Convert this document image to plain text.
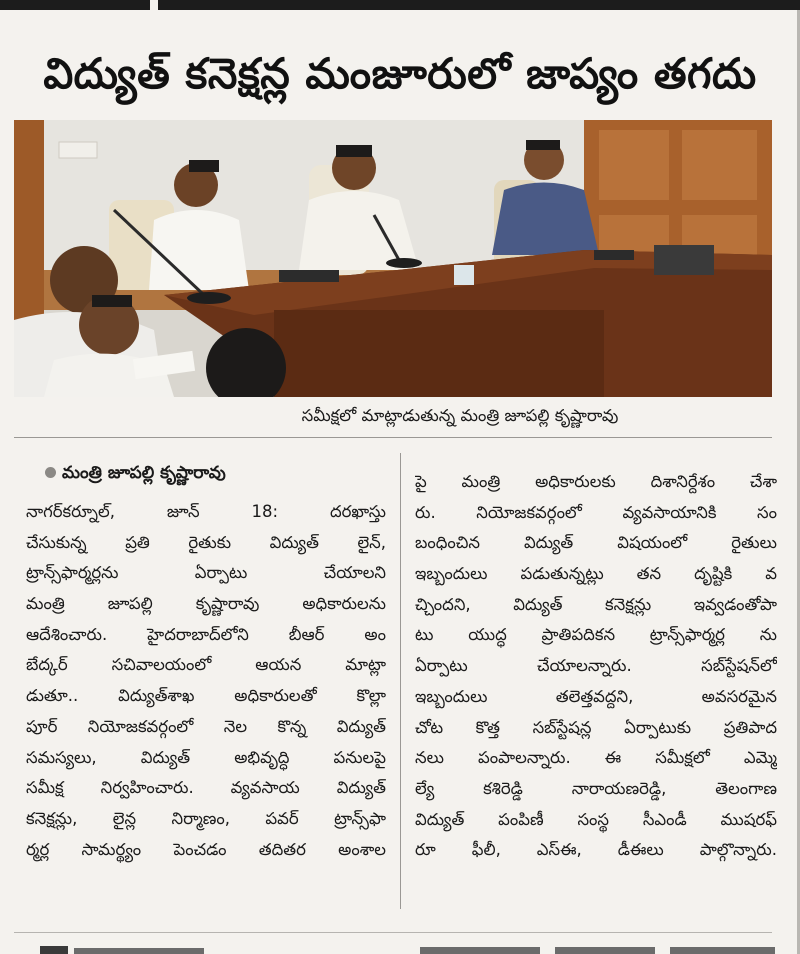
విద్యుత్ కనెక్షన్ల మంజూరులో జాప్యం తగదు
సమీక్షలో మాట్లాడుతున్న మంత్రి జూపల్లి కృష్ణారావు
మంత్రి జూపల్లి కృష్ణారావు
నాగర్‌కర్నూల్, జూన్ 18: దరఖాస్తు
చేసుకున్న ప్రతి రైతుకు విద్యుత్ లైన్,
ట్రాన్స్‌ఫార్మర్లను ఏర్పాటు చేయాలని
మంత్రి జూపల్లి కృష్ణారావు అధికారులను
ఆదేశించారు. హైదరాబాద్‌లోని బీఆర్ అం
బేద్కర్ సచివాలయంలో ఆయన మాట్లా
డుతూ.. విద్యుత్‌శాఖ అధికారులతో కొల్లా
పూర్ నియోజకవర్గంలో నెల కొన్న విద్యుత్
సమస్యలు, విద్యుత్ అభివృద్ధి పనులపై
సమీక్ష నిర్వహించారు. వ్యవసాయ విద్యుత్
కనెక్షన్లు, లైన్ల నిర్మాణం, పవర్ ట్రాన్స్‌ఫా
ర్మర్ల సామర్థ్యం పెంచడం తదితర అంశాల
పై మంత్రి అధికారులకు దిశానిర్దేశం చేశా
రు. నియోజకవర్గంలో వ్యవసాయానికి సం
బంధించిన విద్యుత్ విషయంలో రైతులు
ఇబ్బందులు పడుతున్నట్లు తన దృష్టికి వ
చ్చిందని, విద్యుత్ కనెక్షన్లు ఇవ్వడంతోపా
టు యుద్ధ ప్రాతిపదికన ట్రాన్స్‌ఫార్మర్ల ను
ఏర్పాటు చేయాలన్నారు. సబ్‌స్టేషన్‌లో
ఇబ్బందులు తలెత్తవద్దని, అవసరమైన
చోట కొత్త సబ్‌స్టేషన్ల ఏర్పాటుకు ప్రతిపాద
నలు పంపాలన్నారు. ఈ సమీక్షలో ఎమ్మె
ల్యే కశిరెడ్డి నారాయణరెడ్డి, తెలంగాణ
విద్యుత్ పంపిణీ సంస్థ సీఎండీ ముషరఫ్
రూ ఫీలీ, ఎస్ఈ, డీఈలు పాల్గొన్నారు.
